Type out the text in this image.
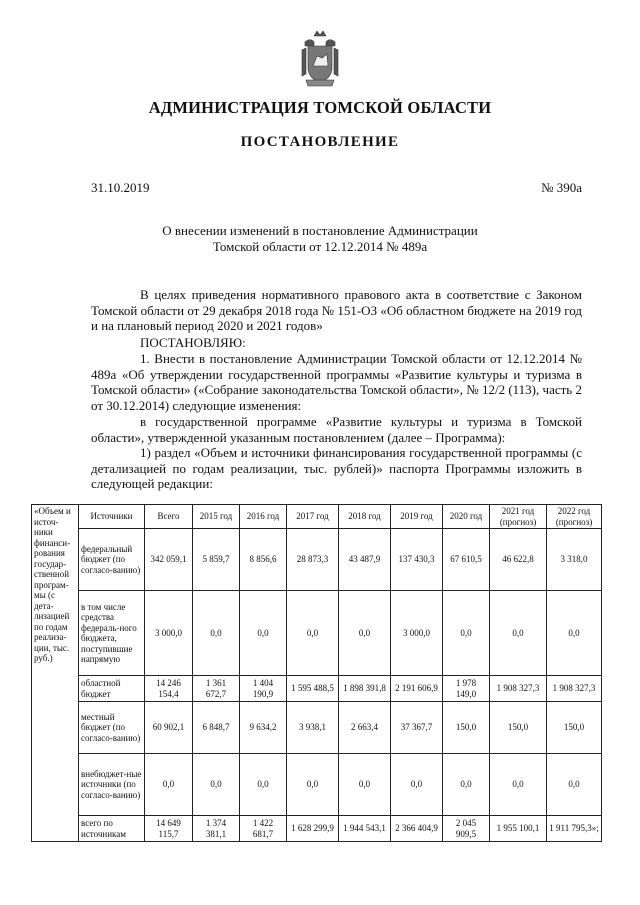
АДМИНИСТРАЦИЯ ТОМСКОЙ ОБЛАСТИ
ПОСТАНОВЛЕНИЕ
31.10.2019	№ 390а
О внесении изменений в постановление Администрации
Томской области от 12.12.2014 № 489а
В целях приведения нормативного правового акта в соответствие с Законом Томской области от 29 декабря 2018 года № 151-ОЗ «Об областном бюджете на 2019 год и на плановый период 2020 и 2021 годов»
ПОСТАНОВЛЯЮ:
1. Внести в постановление Администрации Томской области от 12.12.2014 № 489а «Об утверждении государственной программы «Развитие культуры и туризма в Томской области» («Собрание законодательства Томской области», № 12/2 (113), часть 2 от 30.12.2014) следующие изменения:
в государственной программе «Развитие культуры и туризма в Томской области», утвержденной указанным постановлением (далее – Программа):
1) раздел «Объем и источники финансирования государственной программы (с детализацией по годам реализации, тыс. рублей)» паспорта Программы изложить в следующей редакции:
«Объем и источ-ники финанси-рования государ-ственной програм-мы (с дета-лизацией по годам реализа-ции, тыс. руб.)	Источники	Всего	2015 год	2016 год	2017 год	2018 год	2019 год	2020 год	2021 год (прогноз)	2022 год (прогноз)
	федеральный бюджет (по согласо-ванию)	342 059,1	5 859,7	8 856,6	28 873,3	43 487,9	137 430,3	67 610,5	46 622,8	3 318,0
	в том числе средства федераль-ного бюджета, поступившие напрямую	3 000,0	0,0	0,0	0,0	0,0	3 000,0	0,0	0,0	0,0
	областной бюджет	14 246 154,4	1 361 672,7	1 404 190,9	1 595 488,5	1 898 391,8	2 191 606,9	1 978 149,0	1 908 327,3	1 908 327,3
	местный бюджет (по согласо-ванию)	60 902,1	6 848,7	9 634,2	3 938,1	2 663,4	37 367,7	150,0	150,0	150,0
	внебюджет-ные источники (по согласо-ванию)	0,0	0,0	0,0	0,0	0,0	0,0	0,0	0,0	0,0
	всего по источникам	14 649 115,7	1 374 381,1	1 422 681,7	1 628 299,9	1 944 543,1	2 366 404,9	2 045 909,5	1 955 100,1	1 911 795,3»;
